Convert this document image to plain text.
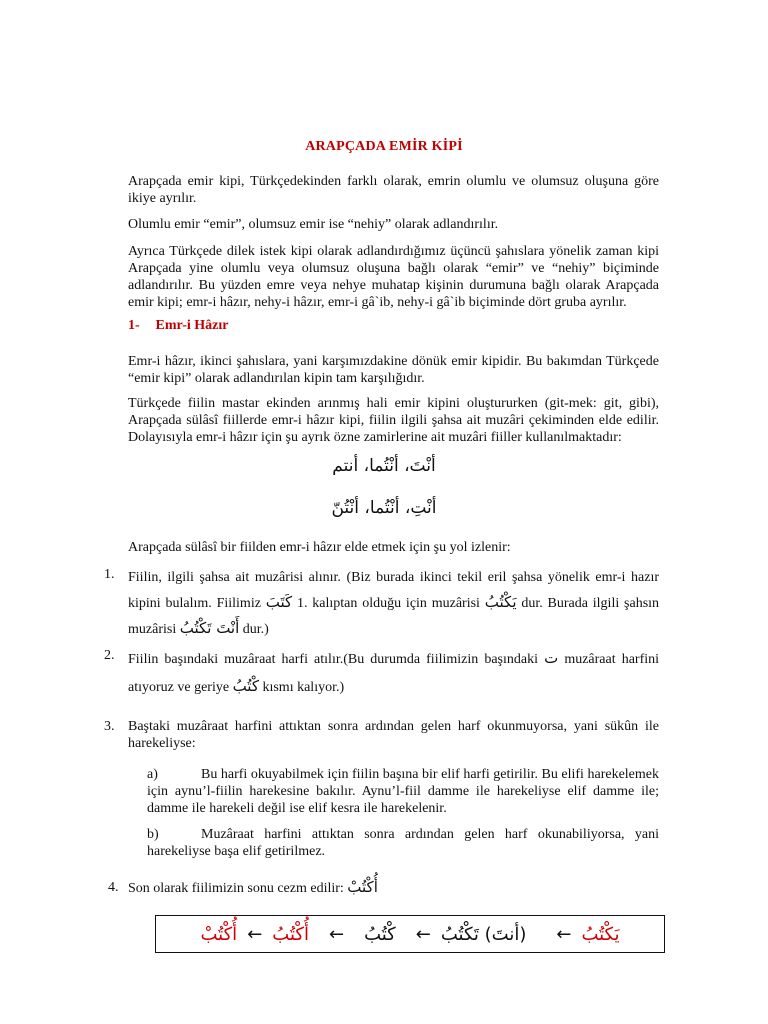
ARAPÇADA EMİR KİPİ
Arapçada emir kipi, Türkçedekinden farklı olarak, emrin olumlu ve olumsuz oluşuna göre ikiye ayrılır.
Olumlu emir “emir”, olumsuz emir ise “nehiy” olarak adlandırılır.
Ayrıca Türkçede dilek istek kipi olarak adlandırdığımız üçüncü şahıslara yönelik zaman kipi Arapçada yine olumlu veya olumsuz oluşuna bağlı olarak “emir” ve “nehiy” biçiminde adlandırılır. Bu yüzden emre veya nehye muhatap kişinin durumuna bağlı olarak Arapçada emir kipi; emr-i hâzır, nehy-i hâzır, emr-i gâ`ib, nehy-i gâ`ib biçiminde dört gruba ayrılır.
1- Emr-i Hâzır
Emr-i hâzır, ikinci şahıslara, yani karşımızdakine dönük emir kipidir. Bu bakımdan Türkçede “emir kipi” olarak adlandırılan kipin tam karşılığıdır.
Türkçede fiilin mastar ekinden arınmış hali emir kipini oluştururken (git-mek: git, gibi), Arapçada sülâsî fiillerde emr-i hâzır kipi, fiilin ilgili şahsa ait muzâri çekiminden elde edilir. Dolayısıyla emr-i hâzır için şu ayrık özne zamirlerine ait muzâri fiiller kullanılmaktadır:
أنْتَ، أنْتُما، أنتم
أنْتِ، أنْتُما، أنْتُنّ
Arapçada sülâsî bir fiilden emr-i hâzır elde etmek için şu yol izlenir:
1. Fiilin, ilgili şahsa ait muzârisi alınır. (Biz burada ikinci tekil eril şahsa yönelik emr-i hazır kipini bulalım. Fiilimiz كَتَبَ 1. kalıptan olduğu için muzârisi يَكْتُبُ dur. Burada ilgili şahsın muzârisi أَنْتَ تَكْتُبُ dur.)
2. Fiilin başındaki muzâraat harfi atılır.(Bu durumda fiilimizin başındaki ت muzâraat harfini atıyoruz ve geriye كْتُبُ kısmı kalıyor.)
3. Baştaki muzâraat harfini attıktan sonra ardından gelen harf okunmuyorsa, yani sükûn ile harekeliyse:
a)	Bu harfi okuyabilmek için fiilin başına bir elif harfi getirilir. Bu elifi harekelemek için aynu’l-fiilin harekesine bakılır. Aynu’l-fiil damme ile harekeliyse elif damme ile; damme ile harekeli değil ise elif kesra ile harekelenir.
b)	Muzâraat harfini attıktan sonra ardından gelen harf okunabiliyorsa, yani harekeliyse başa elif getirilmez.
4. Son olarak fiilimizin sonu cezm edilir: أُكْتُبْ
يَكْتُبُ
←
(أنتَ) تَكْتُبُ
←
كْتُبُ
←
أُكْتُبُ
←
أُكْتُبْ
